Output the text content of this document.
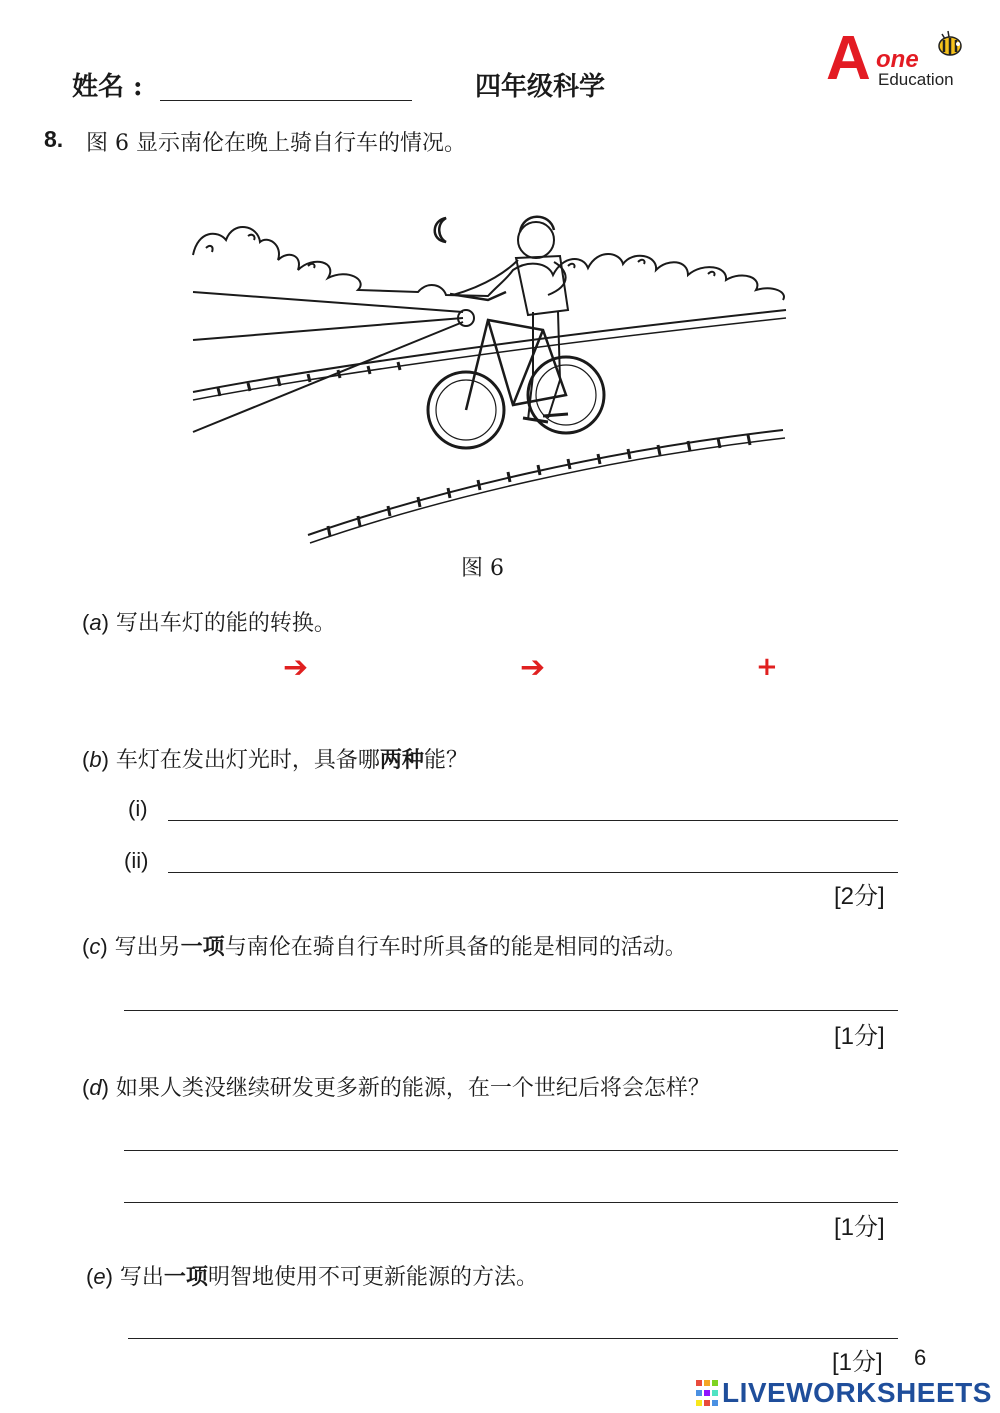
姓名 :	四年级科学	A one
Education
8. 图 6 显示南伦在晚上骑自行车的情况。
图 6
(a) 写出车灯的能的转换。
➔	➔	+
(b) 车灯在发出灯光时，具备哪两种能？
(i)
(ii)
[2分]
(c) 写出另一项与南伦在骑自行车时所具备的能是相同的活动。
[1分]
(d) 如果人类没继续研发更多新的能源，在一个世纪后将会怎样？
[1分]
(e) 写出一项明智地使用不可更新能源的方法。
[1分] 6
LIVEWORKSHEETS
